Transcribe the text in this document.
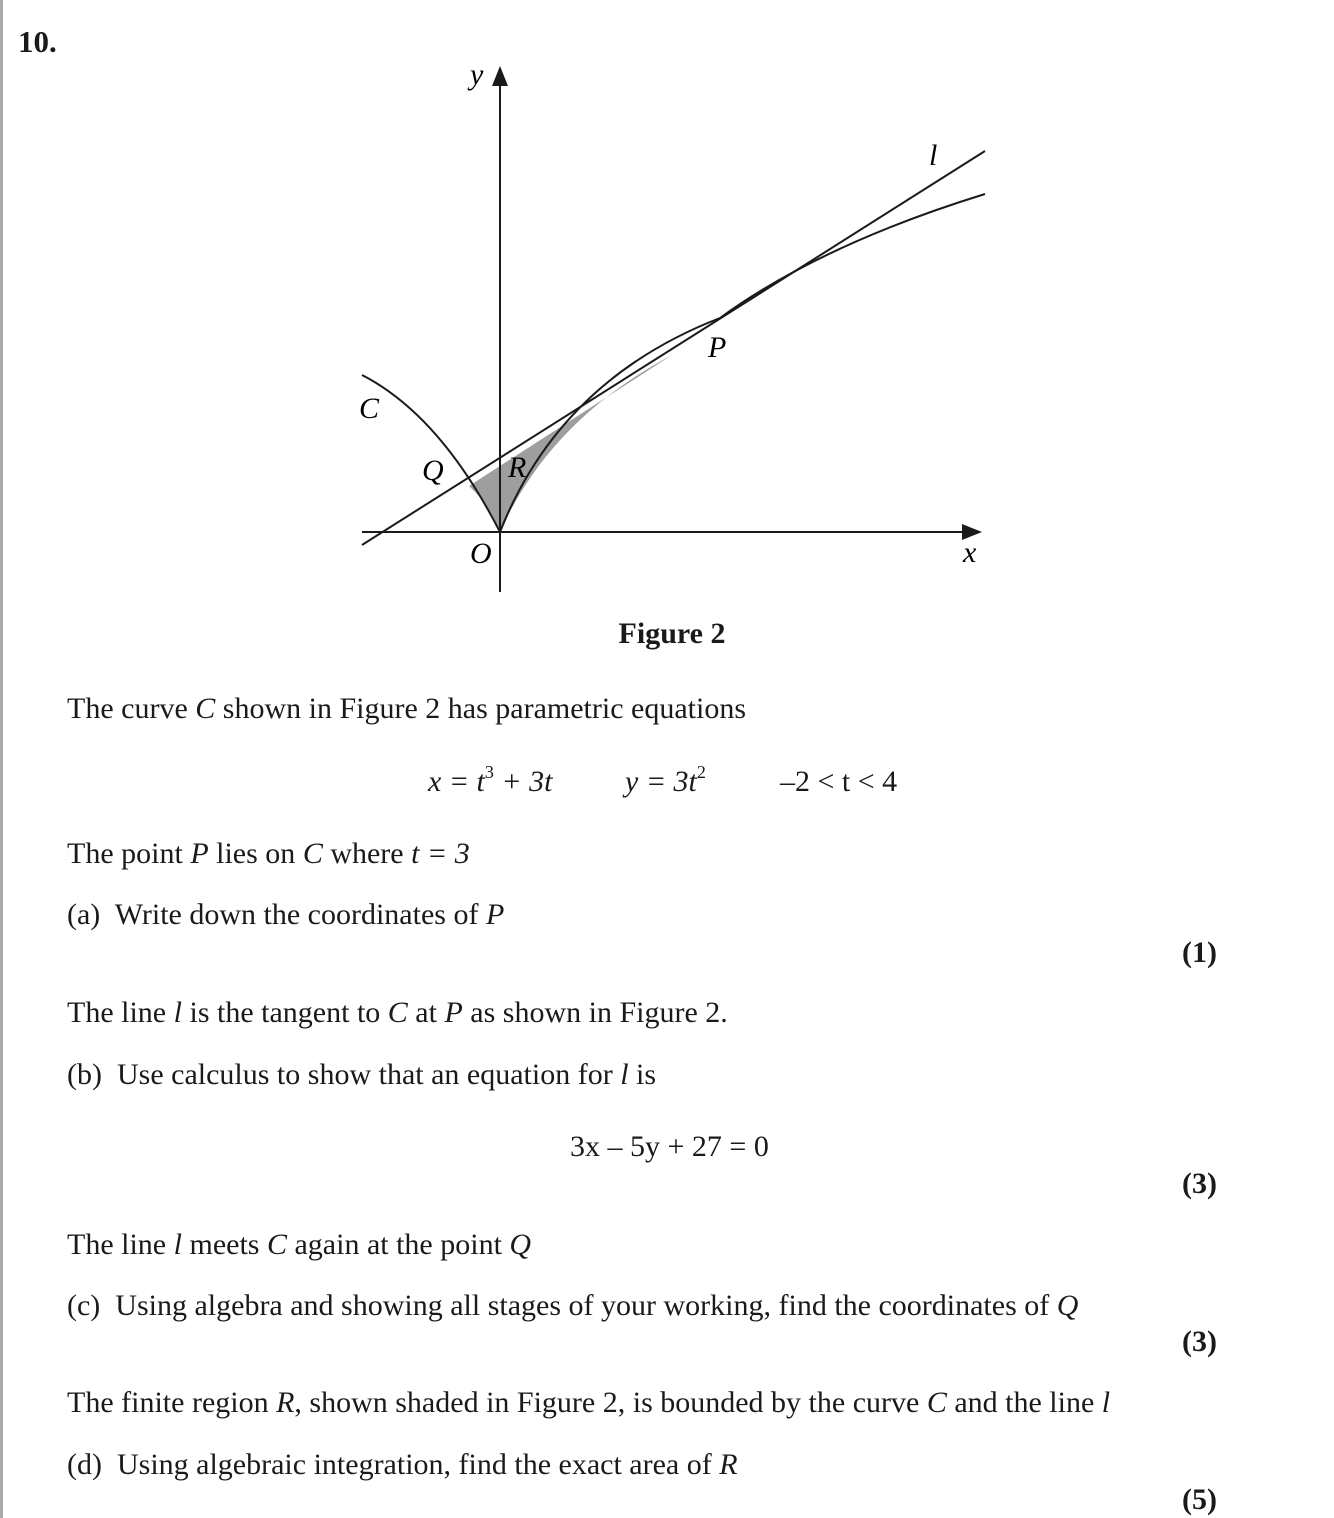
10.
y
x
O
C
l
P
Q R
Figure 2
The curve C shown in Figure 2 has parametric equations
$x = t^3 + 3t$ $y = 3t^2$ –2 < t < 4
The point P lies on C where t = 3
(a) Write down the coordinates of P
(1)
The line l is the tangent to C at P as shown in Figure 2.
(b) Use calculus to show that an equation for l is
3x – 5y + 27 = 0
(3)
The line l meets C again at the point Q
(c) Using algebra and showing all stages of your working, find the coordinates of Q
(3)
The finite region R, shown shaded in Figure 2, is bounded by the curve C and the line l
(d) Using algebraic integration, find the exact area of R
(5)
